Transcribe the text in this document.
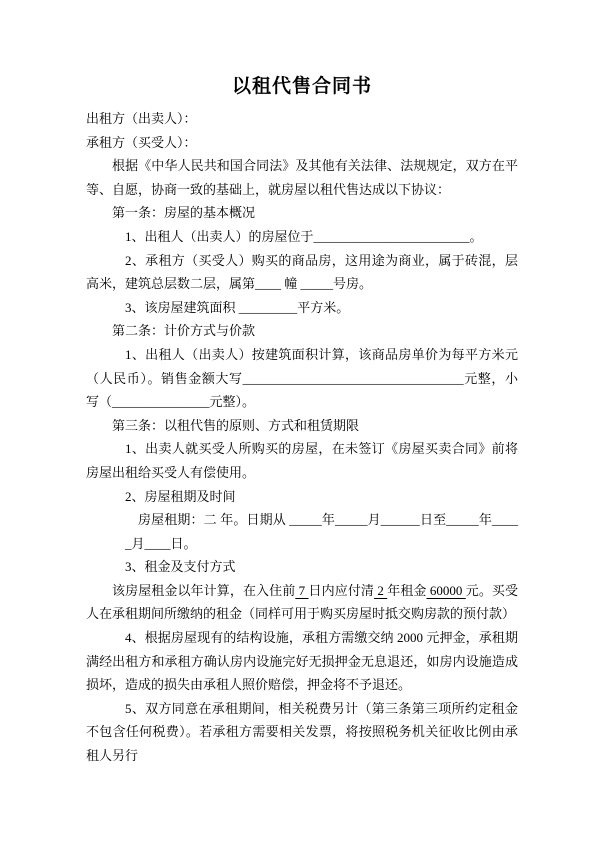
以租代售合同书

出租方（出卖人）：

承租方（买受人）：

根据《中华人民共和国合同法》及其他有关法律、法规规定，双方在平等、自愿，协商一致的基础上，就房屋以租代售达成以下协议：

第一条：房屋的基本概况

1、出租人（出卖人）的房屋位于________________________。

2、承租方（买受人）购买的商品房，这用途为商业，属于砖混，层高米，建筑总层数二层，属第____ 幢 _____号房。

3、该房屋建筑面积 _________平方米。

第二条：计价方式与价款

1、出租人（出卖人）按建筑面积计算，该商品房单价为每平方米元（人民币）。销售金额大写__________________________________元整，小写（_______________元整）。

第三条：以租代售的原则、方式和租赁期限

1、出卖人就买受人所购买的房屋，在未签订《房屋买卖合同》前将房屋出租给买受人有偿使用。

2、房屋租期及时间

房屋租期：二 年。日期从 _____年_____月______日至_____年_____月____日。

3、租金及支付方式

该房屋租金以年计算，在入住前 7 日内应付清 2 年租金 60000 元。买受人在承租期间所缴纳的租金（同样可用于购买房屋时抵交购房款的预付款）

4、根据房屋现有的结构设施，承租方需缴交纳 2000 元押金，承租期满经出租方和承租方确认房内设施完好无损押金无息退还，如房内设施造成损坏，造成的损失由承租人照价赔偿，押金将不予退还。

5、双方同意在承租期间，相关税费另计（第三条第三项所约定租金不包含任何税费）。若承租方需要相关发票，将按照税务机关征收比例由承租人另行
